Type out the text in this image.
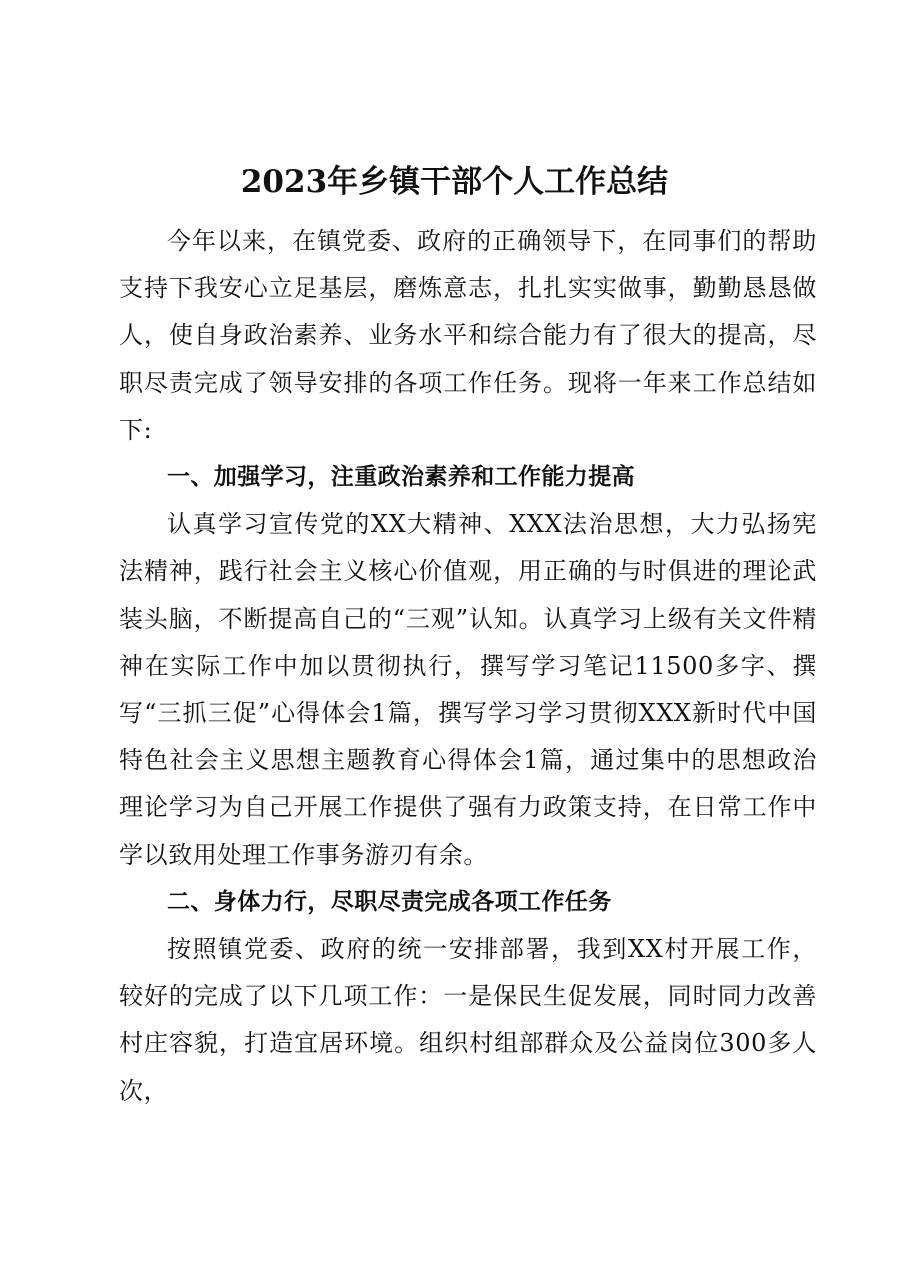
2023年乡镇干部个人工作总结

今年以来，在镇党委、政府的正确领导下，在同事们的帮助支持下我安心立足基层，磨炼意志，扎扎实实做事，勤勤恳恳做人，使自身政治素养、业务水平和综合能力有了很大的提高，尽职尽责完成了领导安排的各项工作任务。现将一年来工作总结如下:

一、加强学习，注重政治素养和工作能力提高

认真学习宣传党的XX大精神、XXX法治思想，大力弘扬宪法精神，践行社会主义核心价值观，用正确的与时俱进的理论武装头脑，不断提高自己的“三观”认知。认真学习上级有关文件精神在实际工作中加以贯彻执行，撰写学习笔记11500多字、撰写“三抓三促”心得体会1篇，撰写学习学习贯彻XXX新时代中国特色社会主义思想主题教育心得体会1篇，通过集中的思想政治理论学习为自己开展工作提供了强有力政策支持，在日常工作中学以致用处理工作事务游刃有余。

二、身体力行，尽职尽责完成各项工作任务

按照镇党委、政府的统一安排部署，我到XX村开展工作，较好的完成了以下几项工作：一是保民生促发展，同时同力改善村庄容貌，打造宜居环境。组织村组部群众及公益岗位300多人次，
